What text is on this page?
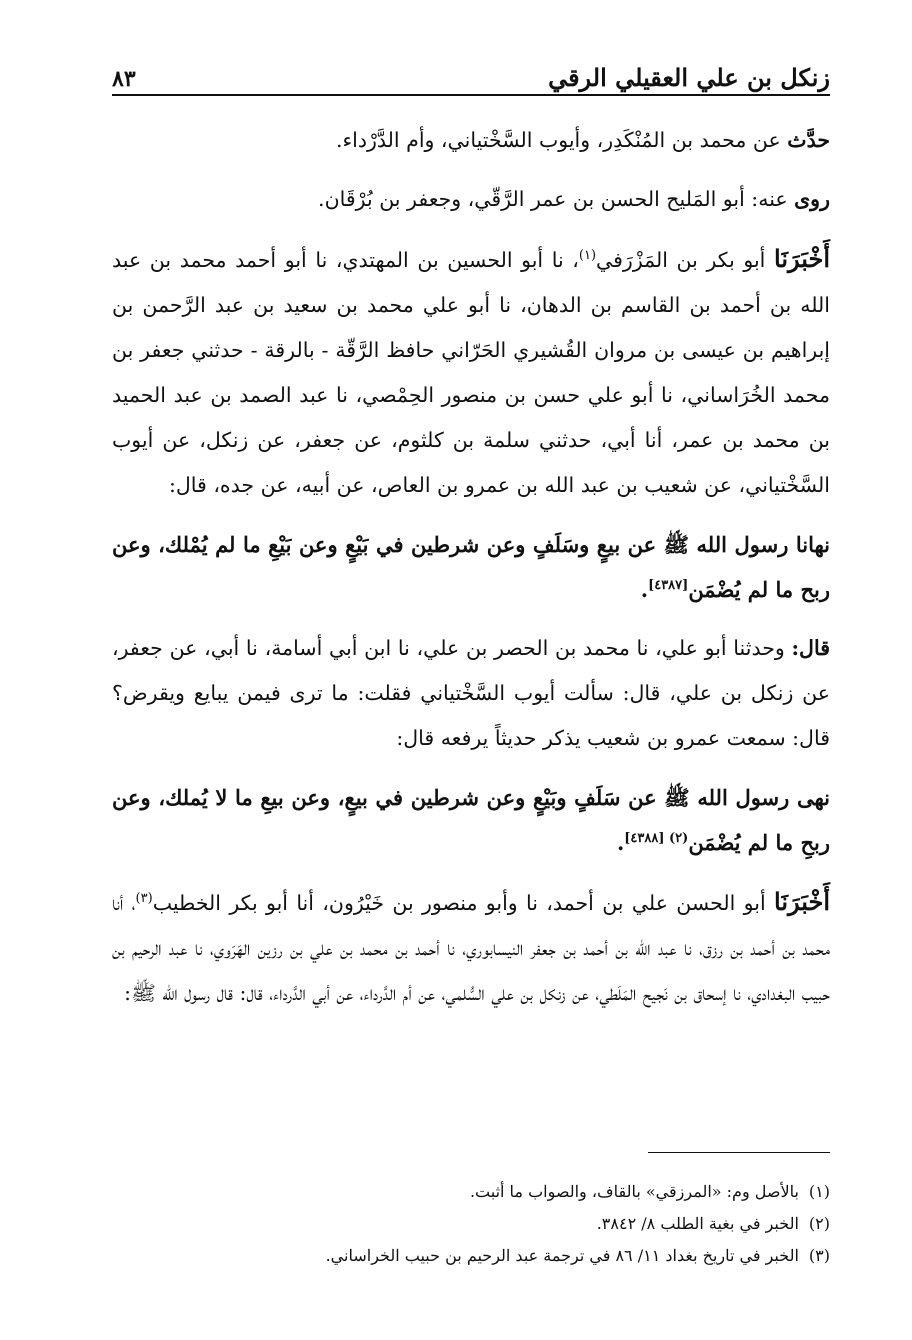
زنكل بن علي العقيلي الرقي
٨٣

حدَّث عن محمد بن المُنْكَدِر، وأيوب السَّخْتياني، وأم الدَّرْداء.

روى عنه: أبو المَليح الحسن بن عمر الرَّقّي، وجعفر بن بُرْقَان.

أَخْبَرَنَا أبو بكر بن المَزْرَفي$^{(١)}$، نا أبو الحسين بن المهتدي، نا أبو أحمد محمد بن عبد الله بن أحمد بن القاسم بن الدهان، نا أبو علي محمد بن سعيد بن عبد الرَّحمن بن إبراهيم بن عيسى بن مروان القُشيري الحَرّاني حافظ الرَّقّة - بالرقة - حدثني جعفر بن محمد الخُرَاساني، نا أبو علي حسن بن منصور الحِمْصي، نا عبد الصمد بن عبد الحميد بن محمد بن عمر، أنا أبي، حدثني سلمة بن كلثوم، عن جعفر، عن زنكل، عن أيوب السَّخْتياني، عن شعيب بن عبد الله بن عمرو بن العاص، عن أبيه، عن جده، قال:

نهانا رسول الله ﷺ عن بيعٍ وسَلَفٍ وعن شرطين في بَيْعٍ وعن بَيْعِ ما لم يُمْلك، وعن ربح ما لم يُضْمَن[٤٣٨٧].

قال: وحدثنا أبو علي، نا محمد بن الحصر بن علي، نا ابن أبي أسامة، نا أبي، عن جعفر، عن زنكل بن علي، قال: سألت أيوب السَّخْتياني فقلت: ما ترى فيمن يبايع ويقرض؟ قال: سمعت عمرو بن شعيب يذكر حديثاً يرفعه قال:

نهى رسول الله ﷺ عن سَلَفٍ وبَيْعٍ وعن شرطين في بيعٍ، وعن بيعِ ما لا يُملك، وعن ربحِ ما لم يُضْمَن$^{(٢) [٤٣٨٨]}$.

أَخْبَرَنَا أبو الحسن علي بن أحمد، نا وأبو منصور بن خَيْرُون، أنا أبو بكر الخطيب$^{(٣)}$، أنا محمد بن أحمد بن رزق، نا عبد الله بن أحمد بن جعفر النيسابوري، نا أحمد بن محمد بن علي بن رزين الهَرَوي، نا عبد الرحيم بن حبيب البغدادي، نا إسحاق بن نَجيح المَلَطي، عن زنكل بن علي السُّلمي، عن أم الدَّرداء، عن أبي الدَّرداء، قال: قال رسول الله ﷺ:

(١)بالأصل وم: «المرزقي» بالقاف، والصواب ما أثبت.

(٢)الخبر في بغية الطلب ٨/ ٣٨٤٢.

(٣)الخبر في تاريخ بغداد ١١/ ٨٦ في ترجمة عبد الرحيم بن حبيب الخراساني.
